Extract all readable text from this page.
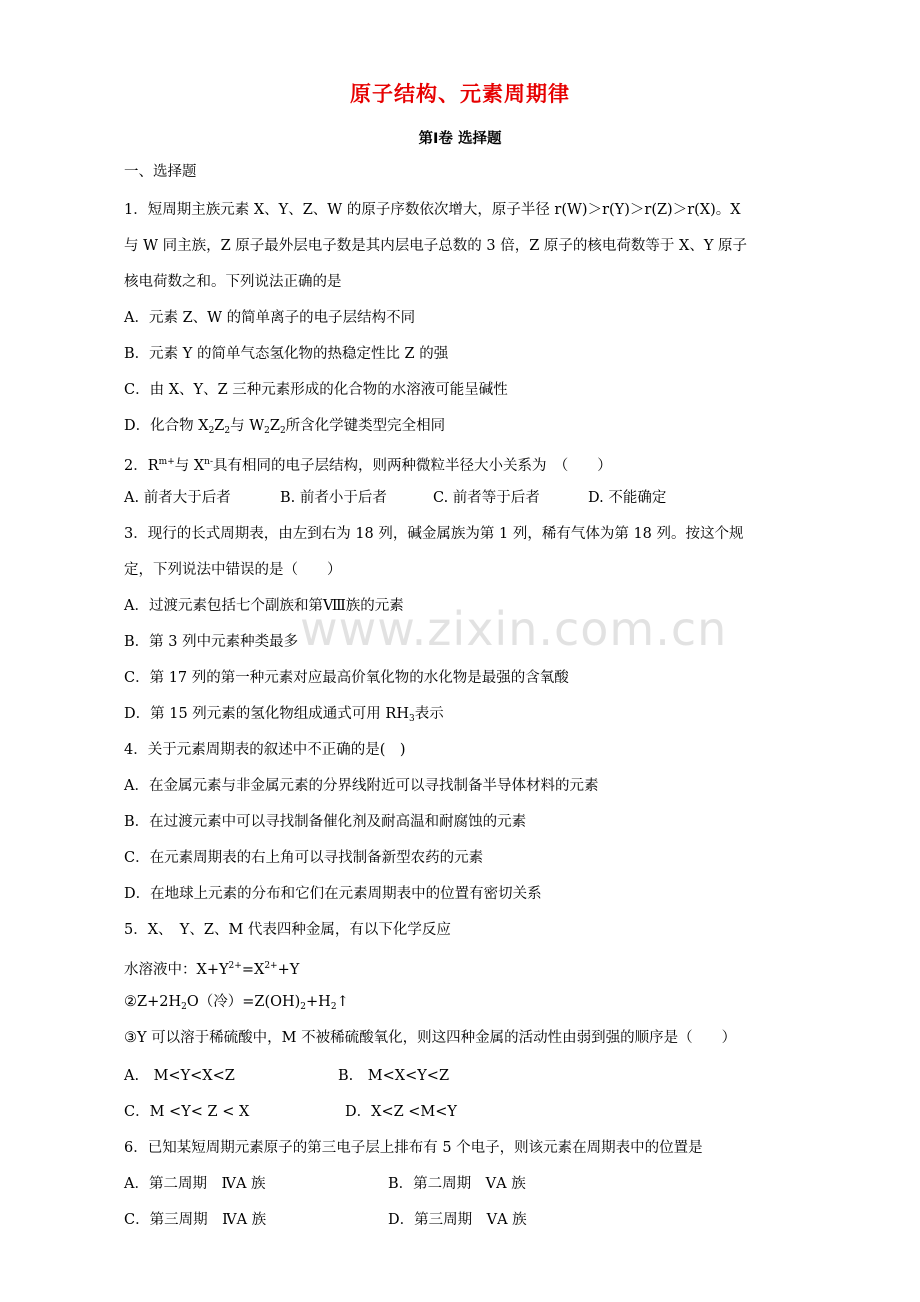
www.zixin.com.cn
原子结构、元素周期律
第Ⅰ卷 选择题
一、选择题
1．短周期主族元素 X、Y、Z、W 的原子序数依次增大，原子半径 r(W)＞r(Y)＞r(Z)＞r(X)。X
与 W 同主族，Z 原子最外层电子数是其内层电子总数的 3 倍，Z 原子的核电荷数等于 X、Y 原子
核电荷数之和。下列说法正确的是
A．元素 Z、W 的简单离子的电子层结构不同
B．元素 Y 的简单气态氢化物的热稳定性比 Z 的强
C．由 X、Y、Z 三种元素形成的化合物的水溶液可能呈碱性
D．化合物 $X_2Z_2$与 $W_2Z_2$所含化学键类型完全相同
2．$R^{m+}$与 $X^{n-}$具有相同的电子层结构，则两种微粒半径大小关系为　（　　）
A. 前者大于后者	B. 前者小于后者	C. 前者等于后者	D. 不能确定
3．现行的长式周期表，由左到右为 18 列，碱金属族为第 1 列，稀有气体为第 18 列。按这个规
定，下列说法中错误的是（　　）
A．过渡元素包括七个副族和第Ⅷ族的元素
B．第 3 列中元素种类最多
C．第 17 列的第一种元素对应最高价氧化物的水化物是最强的含氧酸
D．第 15 列元素的氢化物组成通式可用 $RH_3$表示
4．关于元素周期表的叙述中不正确的是(　)
A．在金属元素与非金属元素的分界线附近可以寻找制备半导体材料的元素
B．在过渡元素中可以寻找制备催化剂及耐高温和耐腐蚀的元素
C．在元素周期表的右上角可以寻找制备新型农药的元素
D．在地球上元素的分布和它们在元素周期表中的位置有密切关系
5．X、　Y、Z、M 代表四种金属，有以下化学反应
水溶液中：$X+Y^{2+}=X^{2+}+Y$
$②Z+2H_2O$（冷）$=Z(OH)_2+H_2↑$
③Y 可以溶于稀硫酸中，M 不被稀硫酸氧化，则这四种金属的活动性由弱到强的顺序是（　　）
A.　M<Y<X<Z	B.　M<X<Y<Z
C．M <Y< Z < X	D．X<Z <M<Y
6．已知某短周期元素原子的第三电子层上排布有 5 个电子，则该元素在周期表中的位置是
A．第二周期　ⅣA 族	B．第二周期　ⅤA 族
C．第三周期　ⅣA 族	D．第三周期　ⅤA 族
